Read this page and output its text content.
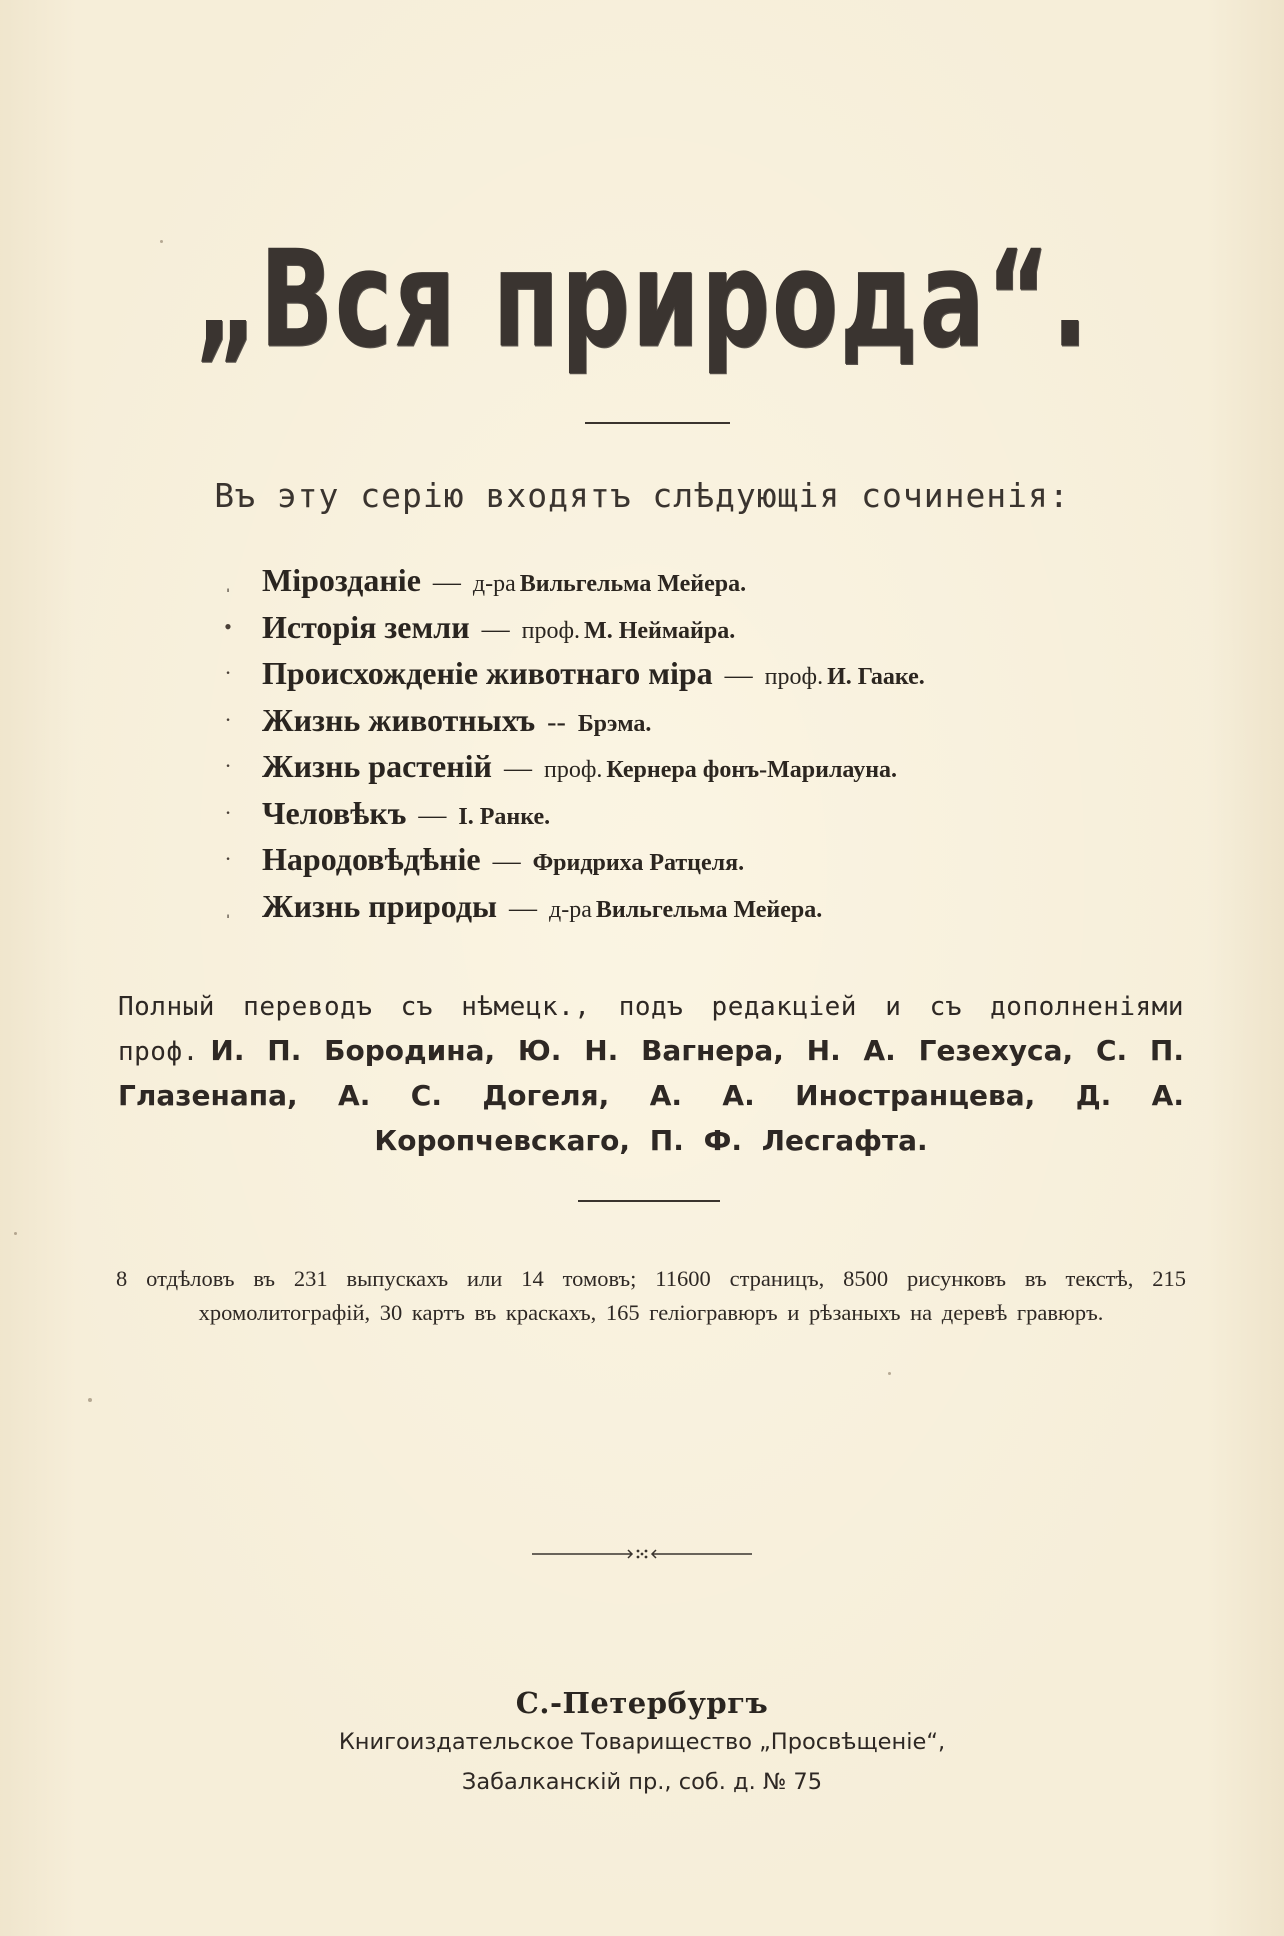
„Вся природа“.
Въ эту серію входятъ слѣдующія сочиненія:
ˌ Мірозданіе — д-ра Вильгельма Мейера.
• Исторія земли — проф. М. Неймайра.
· Происхожденіе животнаго міра — проф. И. Гааке.
· Жизнь животныхъ -- Брэма.
· Жизнь растеній — проф. Кернера фонъ-Марилауна.
· Человѣкъ — I. Ранке.
· Народовѣдѣніе — Фридриха Ратцеля.
ˌ Жизнь природы — д-ра Вильгельма Мейера.
Полный переводъ съ нѣмецк., подъ редакціей и съ дополненіями проф. И. П. Бородина, Ю. Н. Вагнера, Н. А. Гезехуса, С. П. Глазенапа, А. С. Догеля, А. А. Иностранцева, Д. А. Коропчевскаго, П. Ф. Лесгафта.
8 отдѣловъ въ 231 выпускахъ или 14 томовъ; 11600 страницъ, 8500 рисунковъ въ текстѣ, 215 хромолитографій, 30 картъ въ краскахъ, 165 геліогравюръ и рѣзаныхъ на деревѣ гравюръ.
С.-Петербургъ
Книгоиздательское Товарищество „Просвѣщеніе“,
Забалканскій пр., соб. д. № 75
